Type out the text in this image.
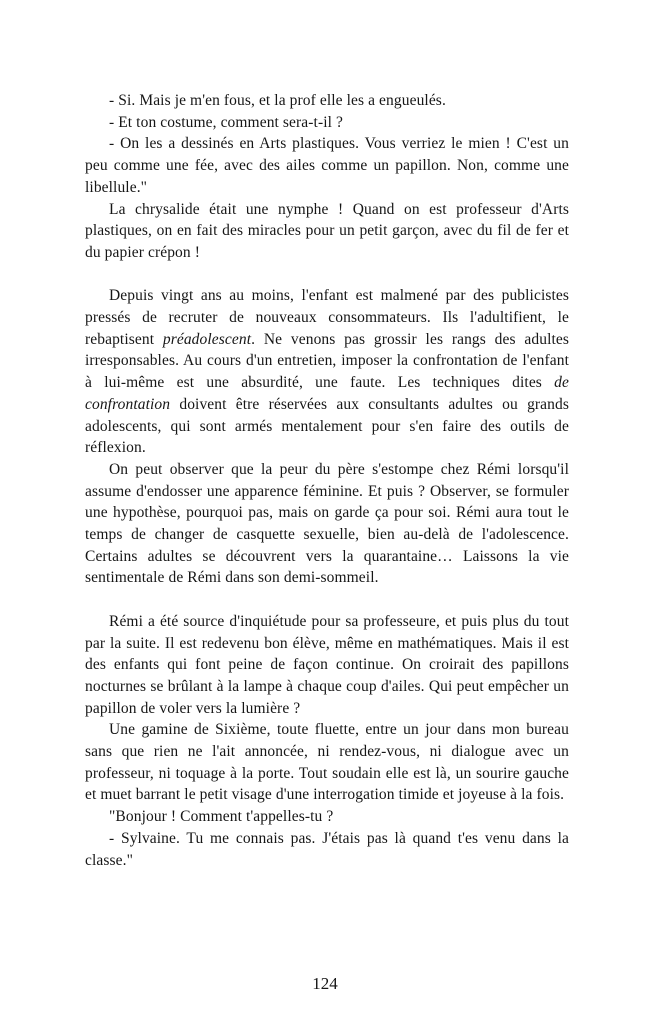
- Si. Mais je m'en fous, et la prof elle les a engueulés.

- Et ton costume, comment sera-t-il ?

- On les a dessinés en Arts plastiques. Vous verriez le mien ! C'est un peu comme une fée, avec des ailes comme un papillon. Non, comme une libellule."

La chrysalide était une nymphe ! Quand on est professeur d'Arts plastiques, on en fait des miracles pour un petit garçon, avec du fil de fer et du papier crépon !

Depuis vingt ans au moins, l'enfant est malmené par des publicistes pressés de recruter de nouveaux consommateurs. Ils l'adultifient, le rebaptisent préadolescent. Ne venons pas grossir les rangs des adultes irresponsables. Au cours d'un entretien, imposer la confrontation de l'enfant à lui-même est une absurdité, une faute. Les techniques dites de confrontation doivent être réservées aux consultants adultes ou grands adolescents, qui sont armés mentalement pour s'en faire des outils de réflexion.

On peut observer que la peur du père s'estompe chez Rémi lorsqu'il assume d'endosser une apparence féminine. Et puis ? Observer, se formuler une hypothèse, pourquoi pas, mais on garde ça pour soi. Rémi aura tout le temps de changer de casquette sexuelle, bien au-delà de l'adolescence. Certains adultes se découvrent vers la quarantaine… Laissons la vie sentimentale de Rémi dans son demi-sommeil.

Rémi a été source d'inquiétude pour sa professeure, et puis plus du tout par la suite. Il est redevenu bon élève, même en mathématiques. Mais il est des enfants qui font peine de façon continue. On croirait des papillons nocturnes se brûlant à la lampe à chaque coup d'ailes. Qui peut empêcher un papillon de voler vers la lumière ?

Une gamine de Sixième, toute fluette, entre un jour dans mon bureau sans que rien ne l'ait annoncée, ni rendez-vous, ni dialogue avec un professeur, ni toquage à la porte. Tout soudain elle est là, un sourire gauche et muet barrant le petit visage d'une interrogation timide et joyeuse à la fois.

"Bonjour ! Comment t'appelles-tu ?

- Sylvaine. Tu me connais pas. J'étais pas là quand t'es venu dans la classe."

124
